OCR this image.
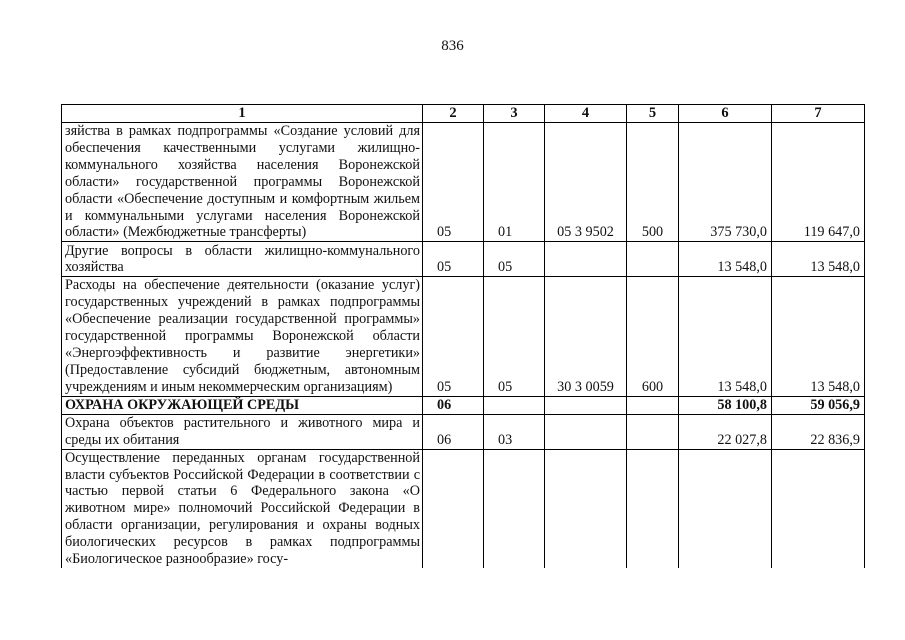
836
1	2	3	4	5	6	7
зяйства в рамках подпрограммы «Создание условий для обеспечения качественными услугами жилищно-коммунального хозяйства населения Воронежской области» государственной программы Воронежской области «Обеспечение доступным и комфортным жильем и коммунальными услугами населения Воронежской области» (Межбюджетные трансферты)	05	01	05 3 9502	500	375 730,0	119 647,0
Другие вопросы в области жилищно-коммунального хозяйства	05	05			13 548,0	13 548,0
Расходы на обеспечение деятельности (оказание услуг) государственных учреждений в рамках подпрограммы «Обеспечение реализации государственной программы» государственной программы Воронежской области «Энергоэффективность и развитие энергетики» (Предоставление субсидий бюджетным, автономным учреждениям и иным некоммерческим организациям)	05	05	30 3 0059	600	13 548,0	13 548,0
ОХРАНА ОКРУЖАЮЩЕЙ СРЕДЫ	06				58 100,8	59 056,9
Охрана объектов растительного и животного мира и среды их обитания	06	03			22 027,8	22 836,9
Осуществление переданных органам государственной власти субъектов Российской Федерации в соответствии с частью первой статьи 6 Федерального закона «О животном мире» полномочий Российской Федерации в области организации, регулирования и охраны водных биологических ресурсов в рамках подпрограммы «Биологическое разнообразие» госу-						
